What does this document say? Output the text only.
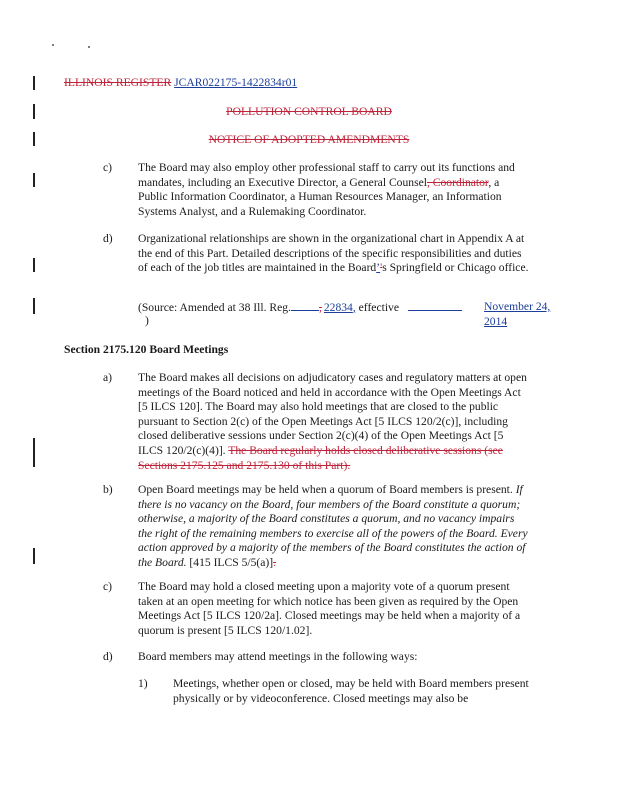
ILLINOIS REGISTER JCAR022175-1422834r01
POLLUTION CONTROL BOARD
NOTICE OF ADOPTED AMENDMENTS
c) The Board may also employ other professional staff to carry out its functions and mandates, including an Executive Director, a General Counsel, Coordinator, a Public Information Coordinator, a Human Resources Manager, an Information Systems Analyst, and a Rulemaking Coordinator.
d) Organizational relationships are shown in the organizational chart in Appendix A at the end of this Part. Detailed descriptions of the specific responsibilities and duties of each of the job titles are maintained in the Board’'s Springfield or Chicago office.
(Source: Amended at 38 Ill. Reg. , 22834, effective	November 24, 2014
)
Section 2175.120 Board Meetings
a) The Board makes all decisions on adjudicatory cases and regulatory matters at open meetings of the Board noticed and held in accordance with the Open Meetings Act [5 ILCS 120]. The Board may also hold meetings that are closed to the public pursuant to Section 2(c) of the Open Meetings Act [5 ILCS 120/2(c)], including closed deliberative sessions under Section 2(c)(4) of the Open Meetings Act [5 ILCS 120/2(c)(4)]. The Board regularly holds closed deliberative sessions (see Sections 2175.125 and 2175.130 of this Part).
b) Open Board meetings may be held when a quorum of Board members is present. If there is no vacancy on the Board, four members of the Board constitute a quorum; otherwise, a majority of the Board constitutes a quorum, and no vacancy impairs the right of the remaining members to exercise all of the powers of the Board. Every action approved by a majority of the members of the Board constitutes the action of the Board. [415 ILCS 5/5(a)].
c) The Board may hold a closed meeting upon a majority vote of a quorum present taken at an open meeting for which notice has been given as required by the Open Meetings Act [5 ILCS 120/2a]. Closed meetings may be held when a majority of a quorum is present [5 ILCS 120/1.02].
d) Board members may attend meetings in the following ways:
1) Meetings, whether open or closed, may be held with Board members present physically or by videoconference. Closed meetings may also be
